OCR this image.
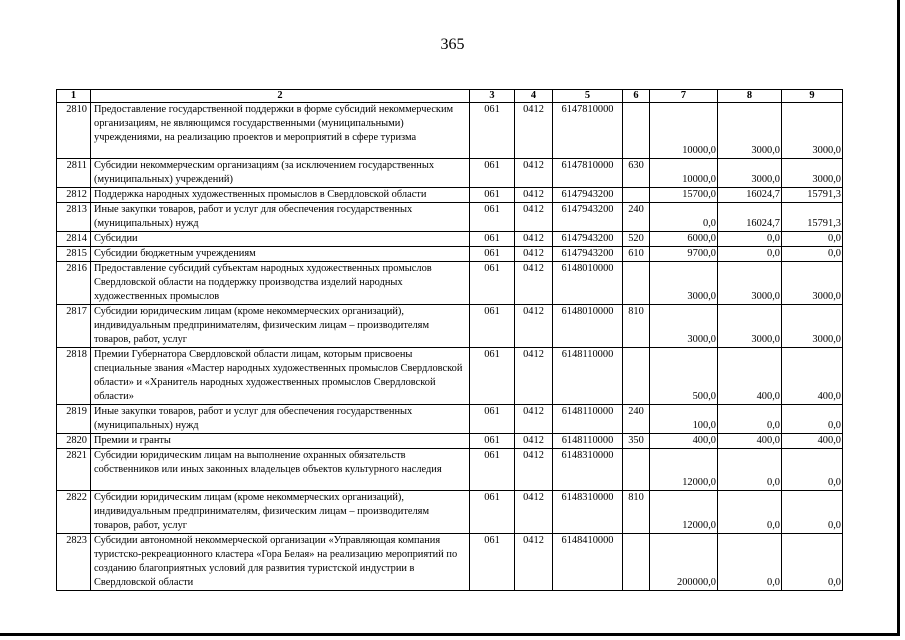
365
1	2	3	4	5	6	7	8	9
2810	Предоставление государственной поддержки в форме субсидий некоммерческим организациям, не являющимся государственными (муниципальными) учреждениями, на реализацию проектов и мероприятий в сфере туризма	061	0412	6147810000		10000,0	3000,0	3000,0
2811	Субсидии некоммерческим организациям (за исключением государственных (муниципальных) учреждений)	061	0412	6147810000	630	10000,0	3000,0	3000,0
2812	Поддержка народных художественных промыслов в Свердловской области	061	0412	6147943200		15700,0	16024,7	15791,3
2813	Иные закупки товаров, работ и услуг для обеспечения государственных (муниципальных) нужд	061	0412	6147943200	240	0,0	16024,7	15791,3
2814	Субсидии	061	0412	6147943200	520	6000,0	0,0	0,0
2815	Субсидии бюджетным учреждениям	061	0412	6147943200	610	9700,0	0,0	0,0
2816	Предоставление субсидий субъектам народных художественных промыслов Свердловской области на поддержку производства изделий народных художественных промыслов	061	0412	6148010000		3000,0	3000,0	3000,0
2817	Субсидии юридическим лицам (кроме некоммерческих организаций), индивидуальным предпринимателям, физическим лицам – производителям товаров, работ, услуг	061	0412	6148010000	810	3000,0	3000,0	3000,0
2818	Премии Губернатора Свердловской области лицам, которым присвоены специальные звания «Мастер народных художественных промыслов Свердловской области» и «Хранитель народных художественных промыслов Свердловской области»	061	0412	6148110000		500,0	400,0	400,0
2819	Иные закупки товаров, работ и услуг для обеспечения государственных (муниципальных) нужд	061	0412	6148110000	240	100,0	0,0	0,0
2820	Премии и гранты	061	0412	6148110000	350	400,0	400,0	400,0
2821	Субсидии юридическим лицам на выполнение охранных обязательств собственников или иных законных владельцев объектов культурного наследия	061	0412	6148310000		12000,0	0,0	0,0
2822	Субсидии юридическим лицам (кроме некоммерческих организаций), индивидуальным предпринимателям, физическим лицам – производителям товаров, работ, услуг	061	0412	6148310000	810	12000,0	0,0	0,0
2823	Субсидии автономной некоммерческой организации «Управляющая компания туристско-рекреационного кластера «Гора Белая» на реализацию мероприятий по созданию благоприятных условий для развития туристской индустрии в Свердловской области	061	0412	6148410000		200000,0	0,0	0,0
